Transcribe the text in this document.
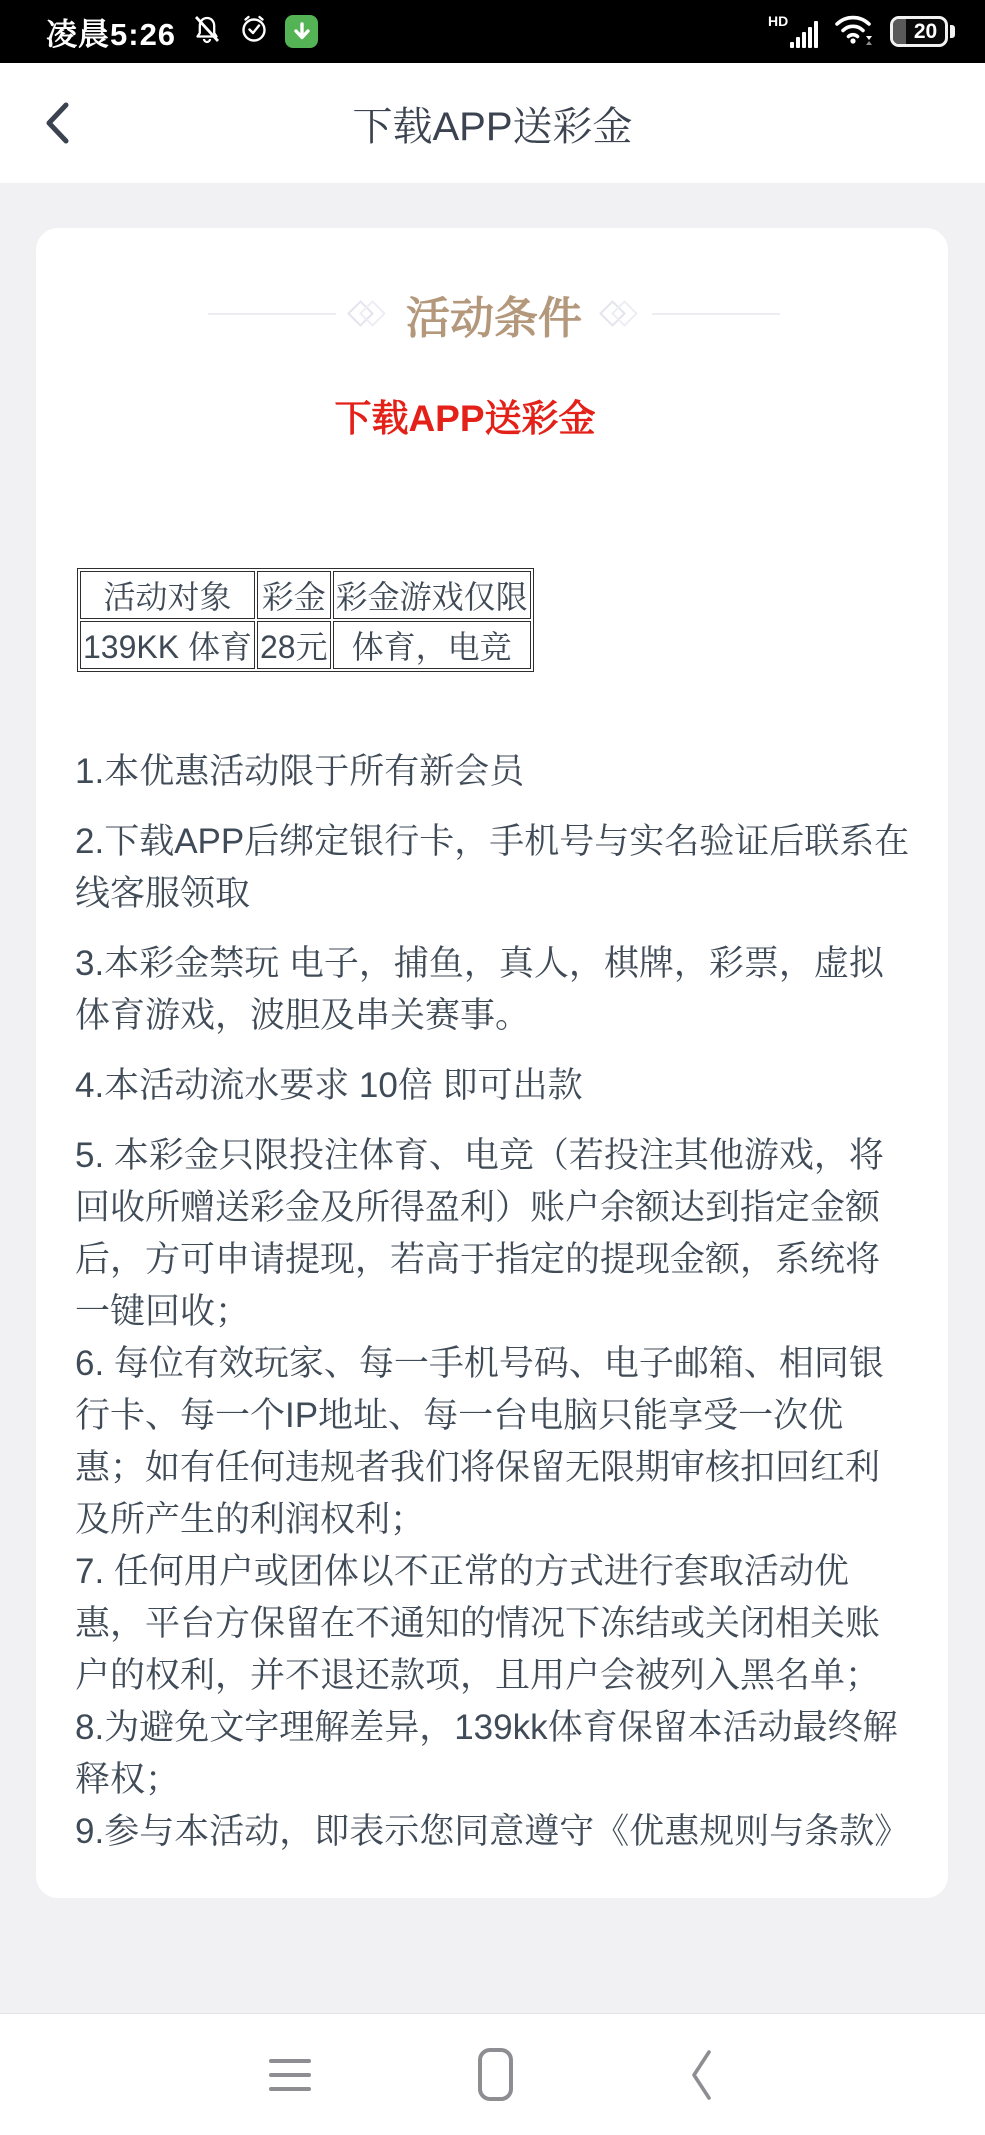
凌晨5:26	HD	20
下载APP送彩金
活动条件
下载APP送彩金
活动对象	彩金	彩金游戏仅限
139KK 体育	28元	体育，电竞

1.本优惠活动限于所有新会员

2.下载APP后绑定银行卡，手机号与实名验证后联系在线客服领取

3.本彩金禁玩 电子，捕鱼，真人，棋牌，彩票，虚拟体育游戏，波胆及串关赛事。

4.本活动流水要求 10倍 即可出款

5. 本彩金只限投注体育、电竞（若投注其他游戏，将回收所赠送彩金及所得盈利）账户余额达到指定金额后，方可申请提现，若高于指定的提现金额，系统将一键回收；

6. 每位有效玩家、每一手机号码、电子邮箱、相同银行卡、每一个IP地址、每一台电脑只能享受一次优惠；如有任何违规者我们将保留无限期审核扣回红利及所产生的利润权利；

7. 任何用户或团体以不正常的方式进行套取活动优惠，平台方保留在不通知的情况下冻结或关闭相关账户的权利，并不退还款项，且用户会被列入黑名单；

8.为避免文字理解差异，139kk体育保留本活动最终解释权；

9.参与本活动，即表示您同意遵守《优惠规则与条款》
